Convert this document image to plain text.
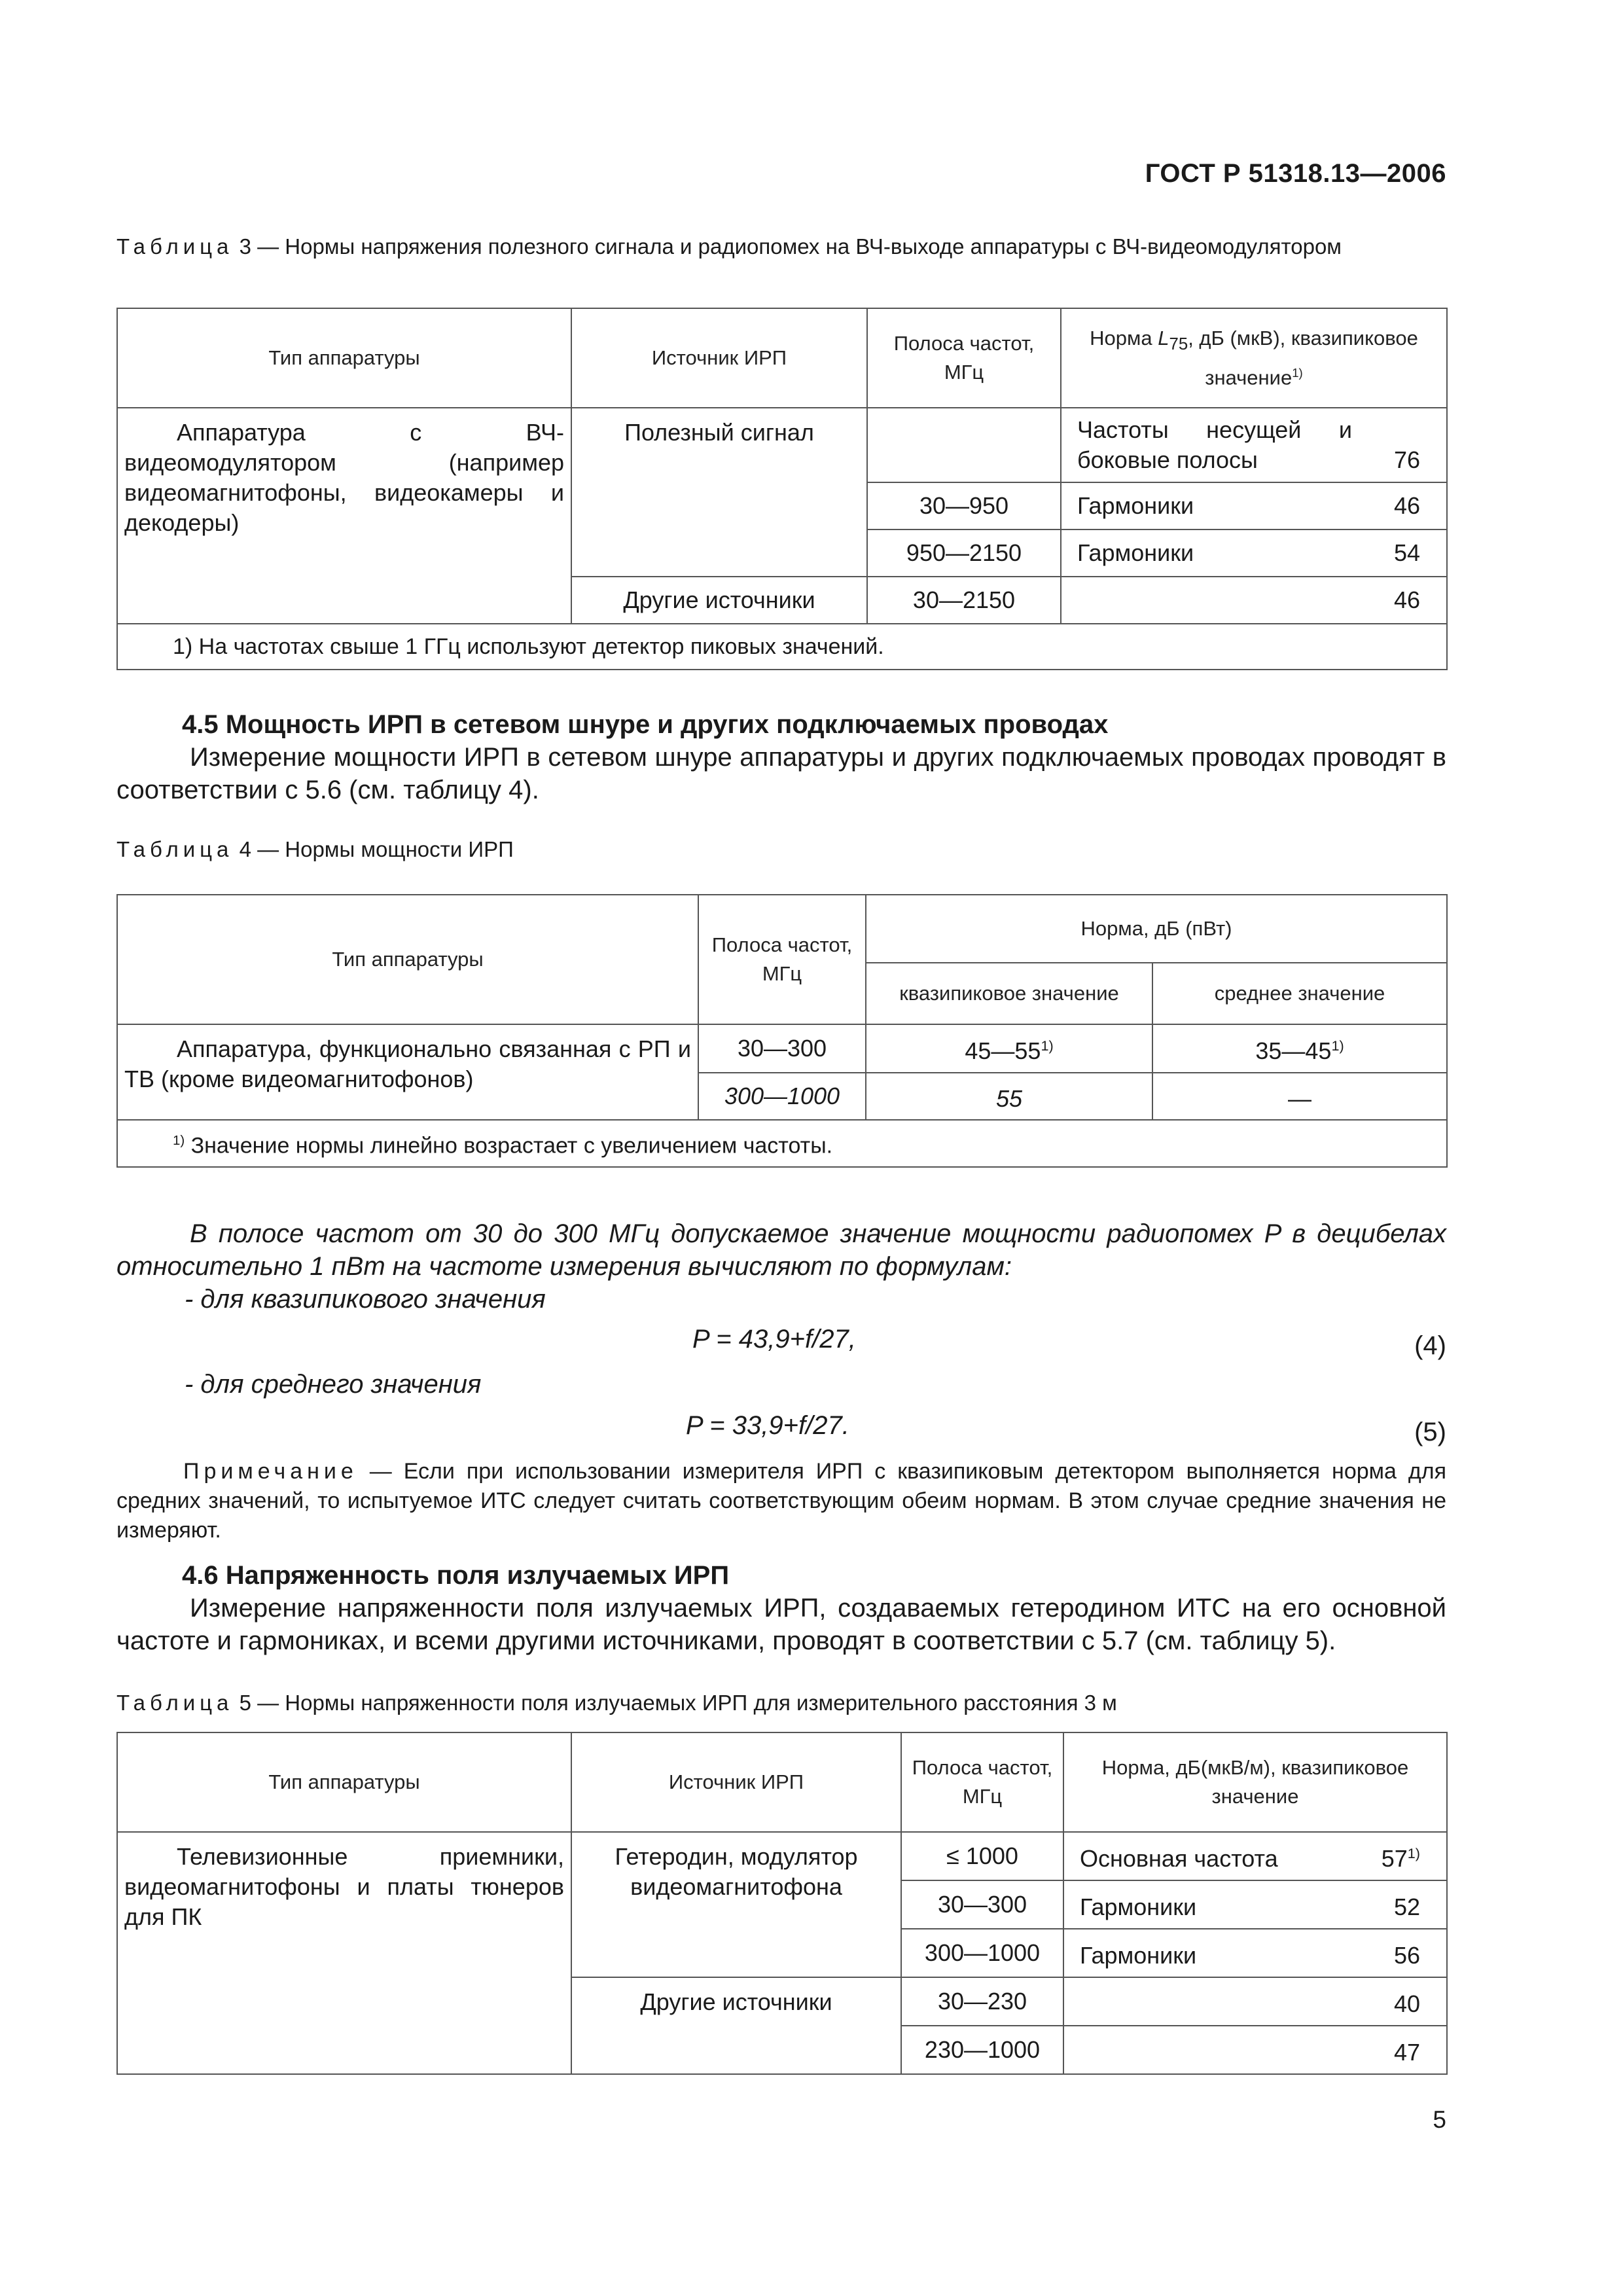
ГОСТ Р 51318.13—2006
Таблица 3 — Нормы напряжения полезного сигнала и радиопомех на ВЧ-выходе аппаратуры с ВЧ-видеомодулятором
Тип аппаратуры	Источник ИРП	Полоса частот, МГц	Норма $L_{75}$, дБ (мкВ), квазипиковое значение$^{1)}$
Аппаратура с ВЧ-видеомодулятором (например видеомагнитофоны, видеокамеры и декодеры)	Полезный сигнал		Частоты несущей и боковые полосы 76

		30—950	Гармоники 46

		950—2150	Гармоники 54

	Другие источники	30—2150	46

1) На частотах свыше 1 ГГц используют детектор пиковых значений.			
4.5 Мощность ИРП в сетевом шнуре и других подключаемых проводах
Измерение мощности ИРП в сетевом шнуре аппаратуры и других подключаемых проводах проводят в соответствии с 5.6 (см. таблицу 4).
Таблица 4 — Нормы мощности ИРП
Тип аппаратуры	Полоса частот, МГц	Норма, дБ (пВт)	
		квазипиковое значение	среднее значение
Аппаратура, функционально связанная с РП и ТВ (кроме видеомагнитофонов)	30—300	45—55$^{1)}$	35—45$^{1)}$
	300—1000	55	—
$^{1)}$ Значение нормы линейно возрастает с увеличением частоты.			
В полосе частот от 30 до 300 МГц допускаемое значение мощности радиопомех P в децибелах относительно 1 пВт на частоте измерения вычисляют по формулам:
- для квазипикового значения
P = 43,9+f/27,	(4)
- для среднего значения
P = 33,9+f/27.	(5)
Примечание — Если при использовании измерителя ИРП с квазипиковым детектором выполняется норма для средних значений, то испытуемое ИТС следует считать соответствующим обеим нормам. В этом случае средние значения не измеряют.
4.6 Напряженность поля излучаемых ИРП
Измерение напряженности поля излучаемых ИРП, создаваемых гетеродином ИТС на его основной частоте и гармониках, и всеми другими источниками, проводят в соответствии с 5.7 (см. таблицу 5).
Таблица 5 — Нормы напряженности поля излучаемых ИРП для измерительного расстояния 3 м
Тип аппаратуры	Источник ИРП	Полоса частот, МГц	Норма, дБ(мкВ/м), квазипиковое значение
Телевизионные приемники, видеомагнитофоны и платы тюнеров для ПК	Гетеродин, модулятор видеомагнитофона	≤ 1000	Основная частота 57$^{1)}$

		30—300	Гармоники 52

		300—1000	Гармоники 56

	Другие источники	30—230	40

		230—1000	47
5
